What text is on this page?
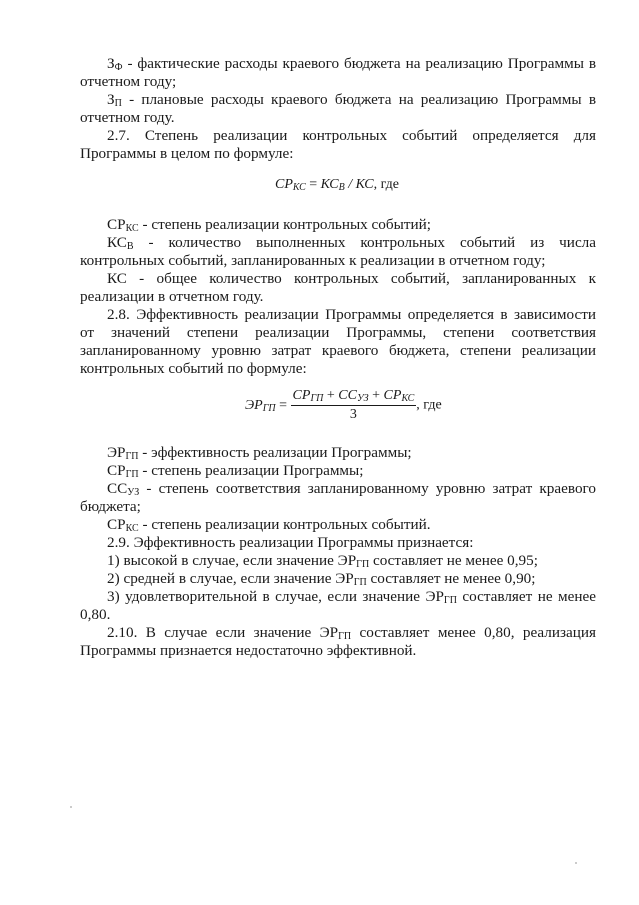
$З_Ф$ - фактические расходы краевого бюджета на реализацию Программы в отчетном году;
$З_П$ - плановые расходы краевого бюджета на реализацию Программы в отчетном году.
2.7. Степень реализации контрольных событий определяется для Программы в целом по формуле:
$СР_{КС} = КС_В$ / КС, где
$СР_{КС}$ - степень реализации контрольных событий;
$КС_В$ - количество выполненных контрольных событий из числа контрольных событий, запланированных к реализации в отчетном году;
КС - общее количество контрольных событий, запланированных к реализации в отчетном году.
2.8. Эффективность реализации Программы определяется в зависимости от значений степени реализации Программы, степени соответствия запланированному уровню затрат краевого бюджета, степени реализации контрольных событий по формуле:
$ЭР_{ГП} = \frac{СР_{ГП} + СС_{УЗ} + СР_{КС}}{3}$ , где
$ЭР_{ГП}$ - эффективность реализации Программы;
$СР_{ГП}$ - степень реализации Программы;
$СС_{УЗ}$ - степень соответствия запланированному уровню затрат краевого бюджета;
$СР_{КС}$ - степень реализации контрольных событий.
2.9. Эффективность реализации Программы признается:
1) высокой в случае, если значение $ЭР_{ГП}$ составляет не менее 0,95;
2) средней в случае, если значение $ЭР_{ГП}$ составляет не менее 0,90;
3) удовлетворительной в случае, если значение $ЭР_{ГП}$ составляет не менее 0,80.
2.10. В случае если значение $ЭР_{ГП}$ составляет менее 0,80, реализация Программы признается недостаточно эффективной.
